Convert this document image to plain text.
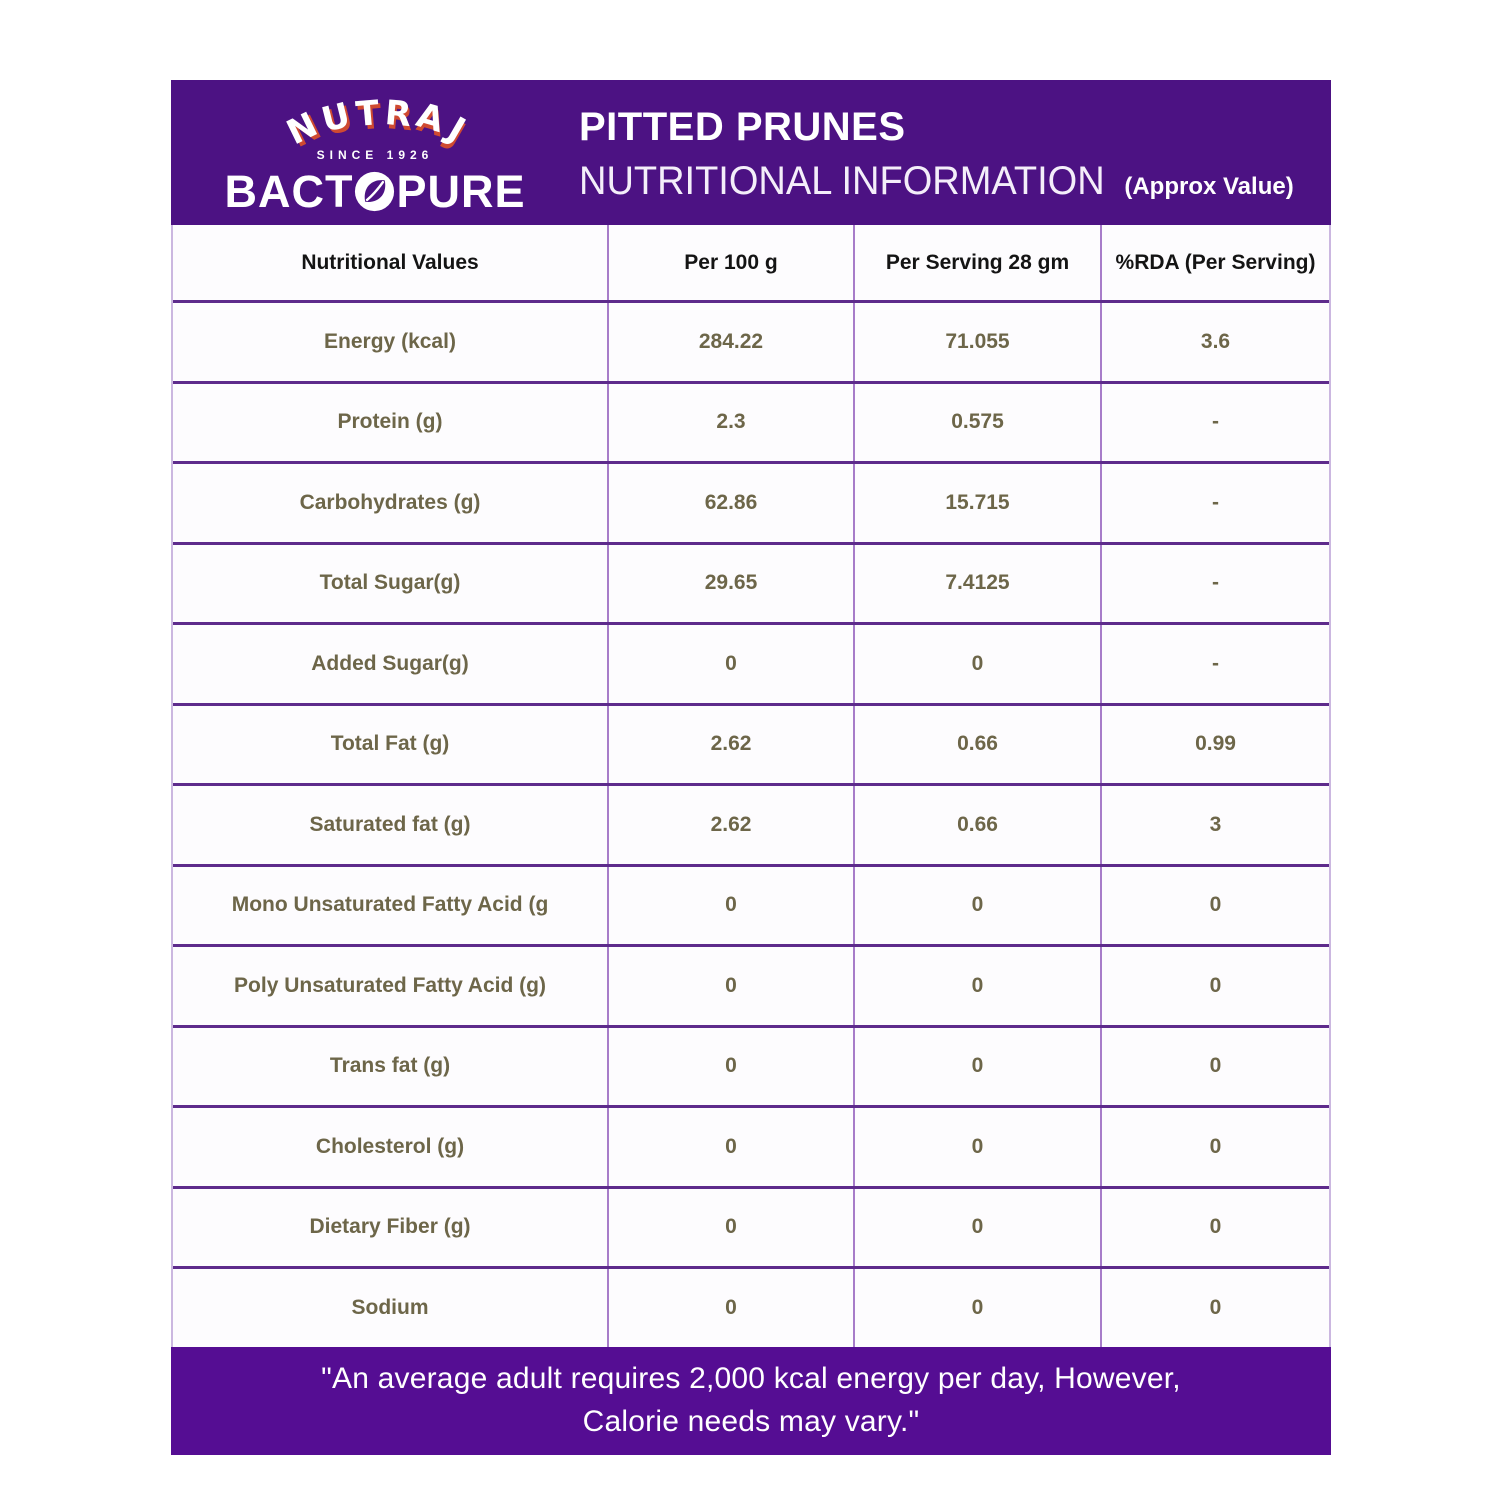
N
U T R A
J
SINCE 1926
BACT PURE
PITTED PRUNES
NUTRITIONAL INFORMATION (Approx Value)
Nutritional Values	Per 100 g	Per Serving 28 gm	%RDA (Per Serving)
Energy (kcal)	284.22	71.055	3.6
Protein (g)	2.3	0.575	-
Carbohydrates (g)	62.86	15.715	-
Total Sugar(g)	29.65	7.4125	-
Added Sugar(g)	0	0	-
Total Fat (g)	2.62	0.66	0.99
Saturated fat (g)	2.62	0.66	3
Mono Unsaturated Fatty Acid (g	0	0	0
Poly Unsaturated Fatty Acid (g)	0	0	0
Trans fat (g)	0	0	0
Cholesterol (g)	0	0	0
Dietary Fiber (g)	0	0	0
Sodium	0	0	0
"An average adult requires 2,000 kcal energy per day, However,
Calorie needs may vary."
